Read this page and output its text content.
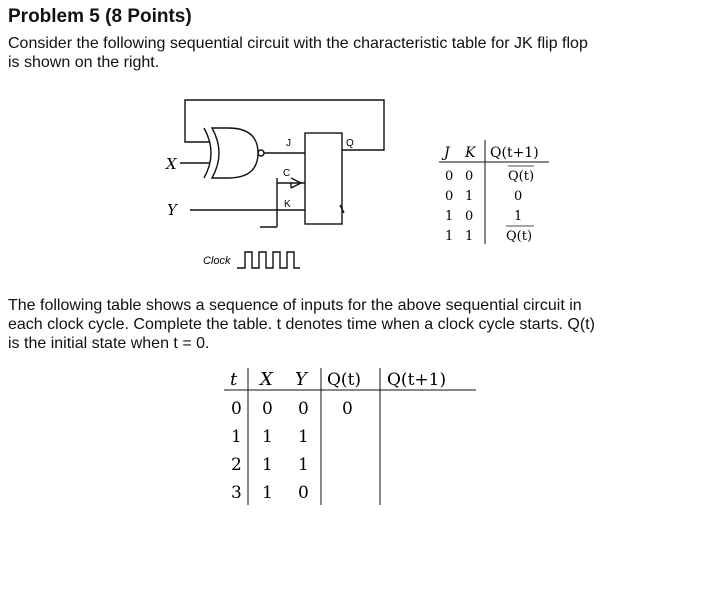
Problem 5 (8 Points)
Consider the following sequential circuit with the characteristic table for JK flip flop
is shown on the right.
X
Y
J
C
K
Q
Clock
J K Q(t+1)
0 0	Q(t)
0 1	0
1 0	1
1 1	Q(t)
t X Y Q(t) Q(t+1)
0 0 0 0
1 1 1
2 1 1
3 1 0
The following table shows a sequence of inputs for the above sequential circuit in
each clock cycle. Complete the table. t denotes time when a clock cycle starts. Q(t)
is the initial state when t = 0.
